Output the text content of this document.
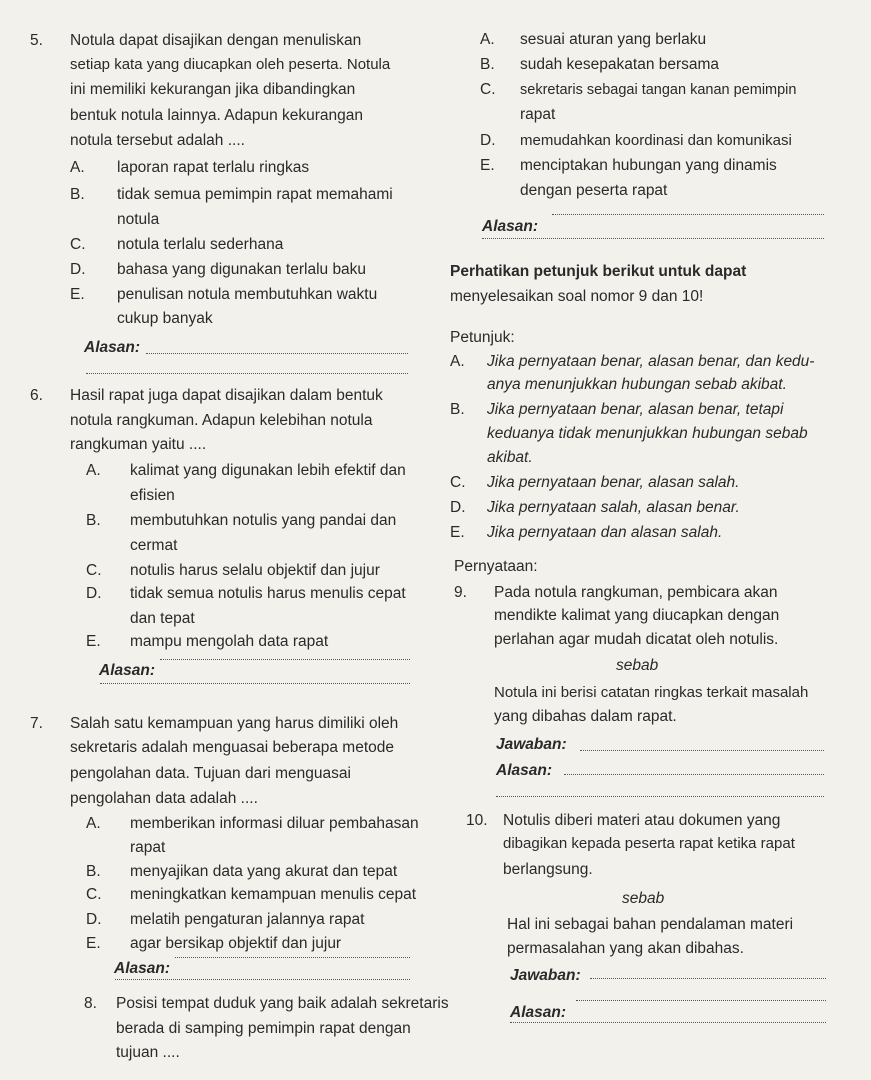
5. Notula dapat disajikan dengan menuliskan
setiap kata yang diucapkan oleh peserta. Notula
ini memiliki kekurangan jika dibandingkan
bentuk notula lainnya. Adapun kekurangan
notula tersebut adalah ....
A. laporan rapat terlalu ringkas
B. tidak semua pemimpin rapat memahami
notula
C. notula terlalu sederhana
D. bahasa yang digunakan terlalu baku
E. penulisan notula membutuhkan waktu
cukup banyak
Alasan:
6. Hasil rapat juga dapat disajikan dalam bentuk
notula rangkuman. Adapun kelebihan notula
rangkuman yaitu ....
A. kalimat yang digunakan lebih efektif dan
efisien
B. membutuhkan notulis yang pandai dan
cermat
C. notulis harus selalu objektif dan jujur
D. tidak semua notulis harus menulis cepat
dan tepat
E. mampu mengolah data rapat
Alasan:
7. Salah satu kemampuan yang harus dimiliki oleh
sekretaris adalah menguasai beberapa metode
pengolahan data. Tujuan dari menguasai
pengolahan data adalah ....
A. memberikan informasi diluar pembahasan
rapat
B. menyajikan data yang akurat dan tepat
C. meningkatkan kemampuan menulis cepat
D. melatih pengaturan jalannya rapat
E. agar bersikap objektif dan jujur
Alasan:
8. Posisi tempat duduk yang baik adalah sekretaris
berada di samping pemimpin rapat dengan
tujuan ....
A. sesuai aturan yang berlaku
B. sudah kesepakatan bersama
C. sekretaris sebagai tangan kanan pemimpin
rapat
D. memudahkan koordinasi dan komunikasi
E. menciptakan hubungan yang dinamis
dengan peserta rapat
Alasan:
Perhatikan petunjuk berikut untuk dapat
menyelesaikan soal nomor 9 dan 10!
Petunjuk:
A. Jika pernyataan benar, alasan benar, dan kedu-
anya menunjukkan hubungan sebab akibat.
B. Jika pernyataan benar, alasan benar, tetapi
keduanya tidak menunjukkan hubungan sebab
akibat.
C. Jika pernyataan benar, alasan salah.
D. Jika pernyataan salah, alasan benar.
E. Jika pernyataan dan alasan salah.
Pernyataan:
9. Pada notula rangkuman, pembicara akan
mendikte kalimat yang diucapkan dengan
perlahan agar mudah dicatat oleh notulis.
sebab
Notula ini berisi catatan ringkas terkait masalah
yang dibahas dalam rapat.
Jawaban:
Alasan:
10. Notulis diberi materi atau dokumen yang
dibagikan kepada peserta rapat ketika rapat
berlangsung.
sebab
Hal ini sebagai bahan pendalaman materi
permasalahan yang akan dibahas.
Jawaban:
Alasan:
